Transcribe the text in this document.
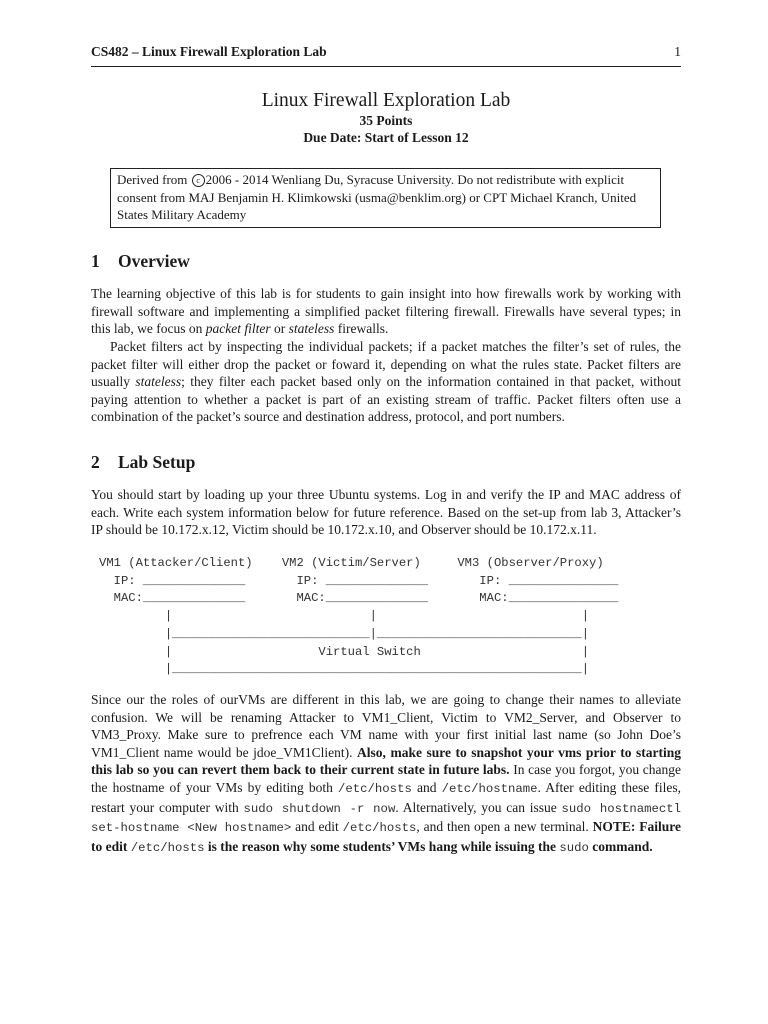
CS482 – Linux Firewall Exploration Lab	1
Linux Firewall Exploration Lab
35 Points
Due Date: Start of Lesson 12
Derived from c 2006 - 2014 Wenliang Du, Syracuse University. Do not redistribute with explicit consent from MAJ Benjamin H. Klimkowski (usma@benklim.org) or CPT Michael Kranch, United States Military Academy
1 Overview

The learning objective of this lab is for students to gain insight into how firewalls work by working with firewall software and implementing a simplified packet filtering firewall. Firewalls have several types; in this lab, we focus on packet filter or stateless firewalls.

Packet filters act by inspecting the individual packets; if a packet matches the filter’s set of rules, the packet filter will either drop the packet or foward it, depending on what the rules state. Packet filters are usually stateless; they filter each packet based only on the information contained in that packet, without paying attention to whether a packet is part of an existing stream of traffic. Packet filters often use a combination of the packet’s source and destination address, protocol, and port numbers.

2 Lab Setup

You should start by loading up your three Ubuntu systems. Log in and verify the IP and MAC address of each. Write each system information below for future reference. Based on the set-up from lab 3, Attacker’s IP should be 10.172.x.12, Victim should be 10.172.x.10, and Observer should be 10.172.x.11.

VM1 (Attacker/Client)    VM2 (Victim/Server)     VM3 (Observer/Proxy)
IP: ______________       IP: ______________       IP: _______________
MAC:______________       MAC:______________       MAC:_______________
|                           |                            |
|___________________________|____________________________|
|                    Virtual Switch                      |
|________________________________________________________|

Since our the roles of ourVMs are different in this lab, we are going to change their names to alleviate confusion. We will be renaming Attacker to VM1_Client, Victim to VM2_Server, and Observer to VM3_Proxy. Make sure to prefrence each VM name with your first initial last name (so John Doe’s VM1_Client name would be jdoe_VM1Client). Also, make sure to snapshot your vms prior to starting this lab so you can revert them back to their current state in future labs. In case you forgot, you change the hostname of your VMs by editing both /etc/hosts and /etc/hostname. After editing these files, restart your computer with sudo shutdown -r now. Alternatively, you can issue sudo hostnamectl set-hostname <New hostname> and edit /etc/hosts, and then open a new terminal. NOTE: Failure to edit /etc/hosts is the reason why some students’ VMs hang while issuing the sudo command.
